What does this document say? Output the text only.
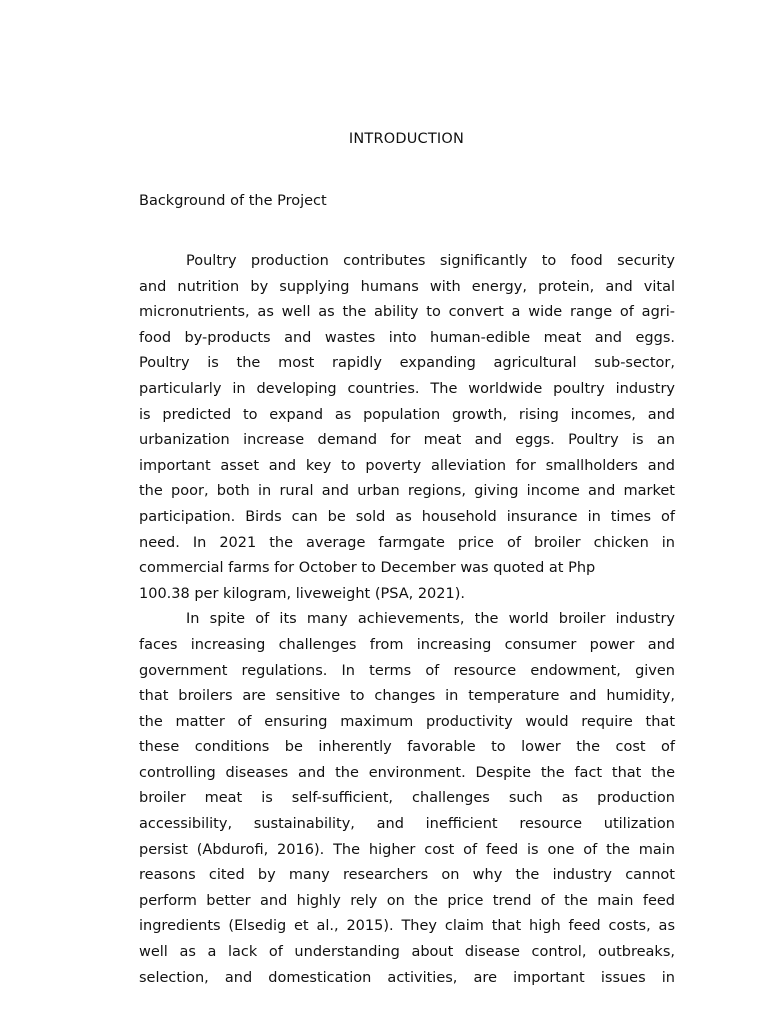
INTRODUCTION
Background of the Project
Poultry production contributes significantly to food security
and nutrition by supplying humans with energy, protein, and vital
micronutrients, as well as the ability to convert a wide range of agri-
food by-products and wastes into human-edible meat and eggs.
Poultry is the most rapidly expanding agricultural sub-sector,
particularly in developing countries. The worldwide poultry industry
is predicted to expand as population growth, rising incomes, and
urbanization increase demand for meat and eggs. Poultry is an
important asset and key to poverty alleviation for smallholders and
the poor, both in rural and urban regions, giving income and market
participation. Birds can be sold as household insurance in times of
need. In 2021 the average farmgate price of broiler chicken in
commercial farms for October to December was quoted at Php
100.38 per kilogram, liveweight (PSA, 2021).
In spite of its many achievements, the world broiler industry
faces increasing challenges from increasing consumer power and
government regulations. In terms of resource endowment, given
that broilers are sensitive to changes in temperature and humidity,
the matter of ensuring maximum productivity would require that
these conditions be inherently favorable to lower the cost of
controlling diseases and the environment. Despite the fact that the
broiler meat is self-sufficient, challenges such as production
accessibility, sustainability, and inefficient resource utilization
persist (Abdurofi, 2016). The higher cost of feed is one of the main
reasons cited by many researchers on why the industry cannot
perform better and highly rely on the price trend of the main feed
ingredients (Elsedig et al., 2015). They claim that high feed costs, as
well as a lack of understanding about disease control, outbreaks,
selection, and domestication activities, are important issues in
